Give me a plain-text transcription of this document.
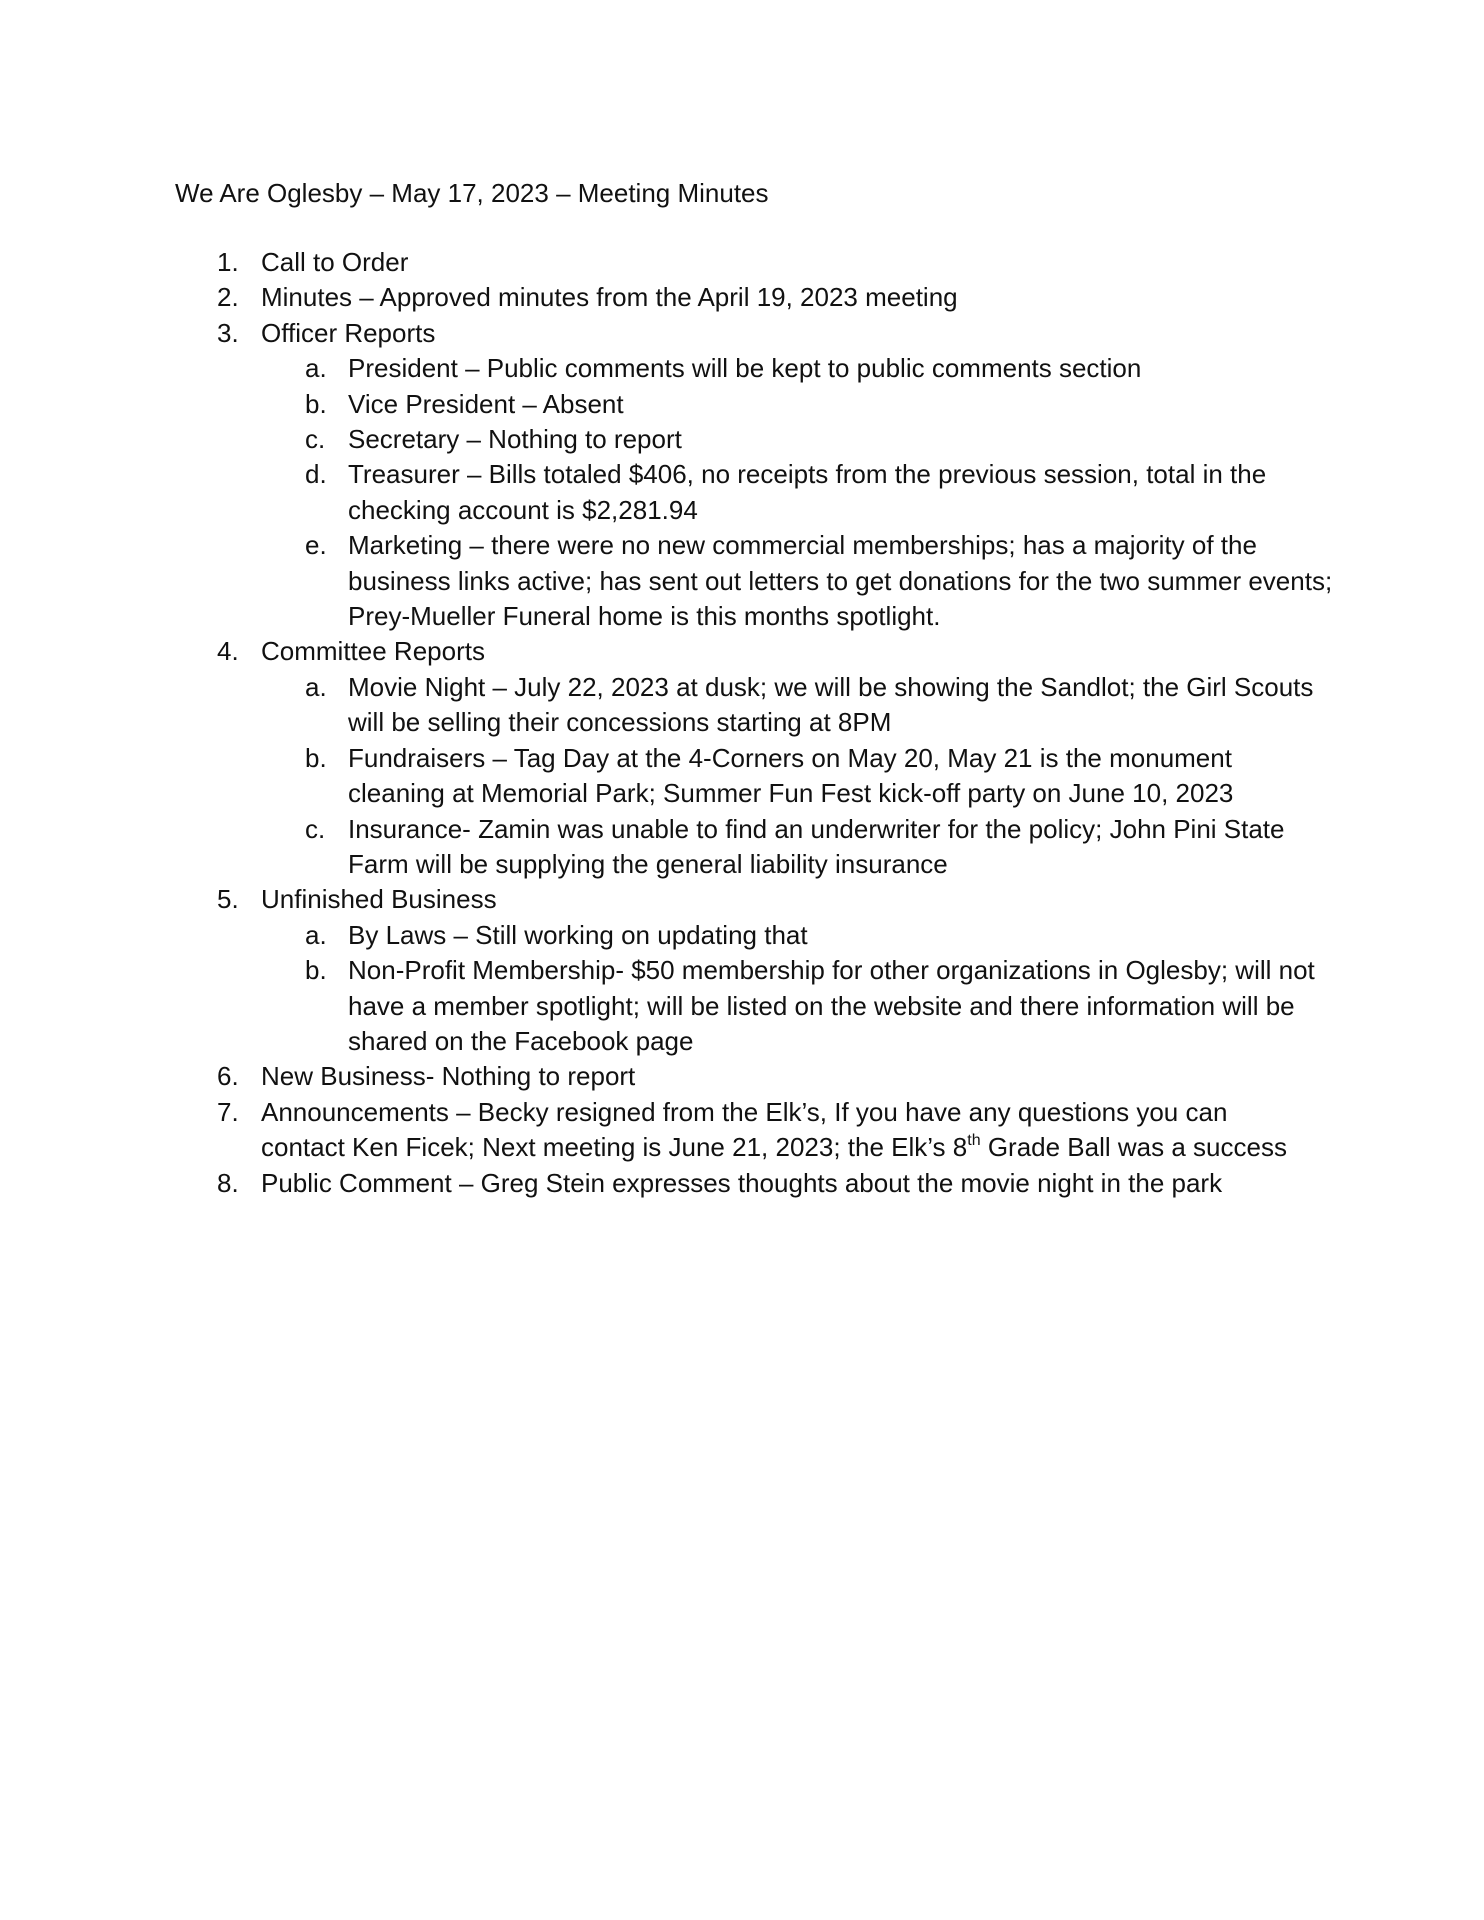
We Are Oglesby – May 17, 2023 – Meeting Minutes
1. Call to Order
2. Minutes – Approved minutes from the April 19, 2023 meeting
3. Officer Reports
a. President – Public comments will be kept to public comments section
b. Vice President – Absent
c. Secretary – Nothing to report
d. Treasurer – Bills totaled $406, no receipts from the previous session, total in the checking account is $2,281.94
e. Marketing – there were no new commercial memberships; has a majority of the business links active; has sent out letters to get donations for the two summer events; Prey-Mueller Funeral home is this months spotlight.
4. Committee Reports
a. Movie Night – July 22, 2023 at dusk; we will be showing the Sandlot; the Girl Scouts will be selling their concessions starting at 8PM
b. Fundraisers – Tag Day at the 4-Corners on May 20, May 21 is the monument cleaning at Memorial Park; Summer Fun Fest kick-off party on June 10, 2023
c. Insurance- Zamin was unable to find an underwriter for the policy; John Pini State Farm will be supplying the general liability insurance
5. Unfinished Business
a. By Laws – Still working on updating that
b. Non-Profit Membership- $50 membership for other organizations in Oglesby; will not have a member spotlight; will be listed on the website and there information will be shared on the Facebook page
6. New Business- Nothing to report
7. Announcements – Becky resigned from the Elk’s, If you have any questions you can
contact Ken Ficek; Next meeting is June 21, 2023; the Elk’s 8th Grade Ball was a success
8. Public Comment – Greg Stein expresses thoughts about the movie night in the park
